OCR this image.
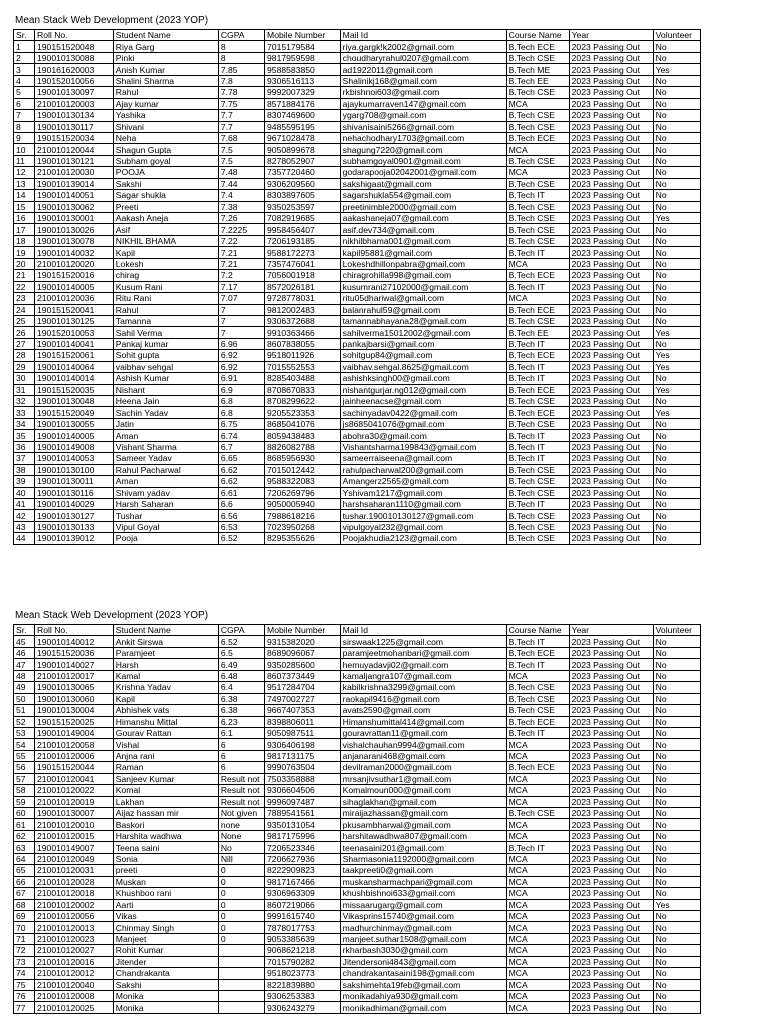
Mean Stack Web Development (2023 YOP)
Sr.	Roll No.	Student Name	CGPA	Mobile Number	Mail Id	Course Name	Year	Volunteer
1	190151520048	Riya Garg	8	7015179584	riya.gargk!k2002@gmail.com	B.Tech ECE	2023 Passing Out	No
2	190010130088	Pinki	8	9817959598	choudharyrahul0207@gmail.com	B.Tech CSE	2023 Passing Out	No
3	190161620003	Anish Kumar	7.85	9588583850	ad1922011@gmail.com	B.Tech ME	2023 Passing Out	Yes
4	190152010056	Shalini Sharma	7.8	9306516113	Shalinikj168@gmail.com	B.Tech EE	2023 Passing Out	No
5	190010130097	Rahul	7.78	9992007329	rkbishnoi603@gmail.com	B.Tech CSE	2023 Passing Out	No
6	210010120003	Ajay kumar	7.75	8571884176	ajaykumarraven147@gmail.com	MCA	2023 Passing Out	No
7	190010130134	Yashika	7.7	8307469600	ygarg708@gmail.com	B.Tech CSE	2023 Passing Out	No
8	190010130117	Shivani	7.7	9485595195	shivanisaini5266@gmail.com	B.Tech CSE	2023 Passing Out	No
9	190151520034	Neha	7.68	9671028478	nehachodhary1703@gmail.com	B.Tech ECE	2023 Passing Out	No
10	210010120044	Shagun Gupta	7.5	9050899678	shagung7220@gmail.com	MCA	2023 Passing Out	No
11	190010130121	Subham goyal	7.5	8278052907	subhamgoyal0901@gmail.com	B.Tech CSE	2023 Passing Out	No
12	210010120030	POOJA	7.48	7357720460	godarapooja02042001@gmail.com	MCA	2023 Passing Out	No
13	190010139014	Sakshi	7.44	9306209560	sakshigaat@gmail.com	B.Tech CSE	2023 Passing Out	No
14	190010140051	Sagar shukla	7.4	8303897605	sagarshukla554@gmail.com	B.Tech IT	2023 Passing Out	No
15	190010130062	Preeti	7.38	9350253597	preetinimble2000@gmail.com	B.Tech CSE	2023 Passing Out	No
16	190010130001	Aakash Aneja	7.26	7082919685	aakashaneja07@gmail.com	B.Tech CSE	2023 Passing Out	Yes
17	190010130026	Asif	7.2225	9958456407	asif.dev734@gmail.com	B.Tech CSE	2023 Passing Out	No
18	190010130078	NIKHIL BHAMA	7.22	7206193185	nikhilbhama001@gmail.com	B.Tech CSE	2023 Passing Out	No
19	190010140032	Kapil	7.21	9588172273	kapil95881@gmail.com	B.Tech IT	2023 Passing Out	No
20	210010120020	Lokesh	7.21	7357476041	Lokeshdhillonpabra@gmail.com	MCA	2023 Passing Out	No
21	190151520016	chirag	7.2	7056001918	chiragrohilla998@gmail.com	B.Tech ECE	2023 Passing Out	No
22	190010140005	Kusum Rani	7.17	8572026181	kusumrani27102000@gmail.com	B.Tech IT	2023 Passing Out	No
23	210010120036	Ritu Rani	7.07	9728778031	ritu05dhariwal@gmail.com	MCA	2023 Passing Out	No
24	190151520041	Rahul	7	9812002483	balanrahul59@gmail.com	B.Tech ECE	2023 Passing Out	No
25	190010130125	Tamanna	7	9306372688	tamannabhayana28@gmail.com	B.Tech CSE	2023 Passing Out	No
26	190152010053	Sahil Verma	7	9910363466	sahilverma15012002@gmail.com	B.Tech EE	2023 Passing Out	Yes
27	190010140041	Pankaj kumar	6.96	8607838055	pankajbarsi@gmail.com	B.Tech IT	2023 Passing Out	No
28	190151520061	Sohit gupta	6.92	9518011926	sohitgup84@gmail.com	B.Tech ECE	2023 Passing Out	Yes
29	190010140064	vaibhav sehgal	6.92	7015552553	vaibhav.sehgal.8625@gmail.com	B.Tech IT	2023 Passing Out	Yes
30	190010140014	Ashish Kumar	6.91	8285403488	ashishksingh00@gmail.com	B.Tech IT	2023 Passing Out	No
31	190151520035	Nishant	6.9	8708670833	nishantgurjar.ng012@gmail.com	B.Tech ECE	2023 Passing Out	Yes
32	190010130048	Heena Jain	6.8	8708299622	jainheenacse@gmail.com	B.Tech CSE	2023 Passing Out	No
33	190151520049	Sachin Yadav	6.8	9205523353	sachinyadav0422@gmail.com	B.Tech ECE	2023 Passing Out	Yes
34	190010130055	Jatin	6.75	8685041076	js8685041076@gmail.com	B.Tech CSE	2023 Passing Out	No
35	190010140005	Aman	6.74	8059438483	abohra30@gmail.com	B.Tech IT	2023 Passing Out	No
36	190010149008	Vishant Sharma	6.7	8826082788	Vishantsharma199843@gmail.com	B.Tech IT	2023 Passing Out	No
37	190010140053	Sameer Yadav	6.65	8685956930	sameerraiseena@gmail.com	B.Tech IT	2023 Passing Out	No
38	190010130100	Rahul Pacharwal	6.62	7015012442	rahulpacharwal200@gmail.com	B.Tech CSE	2023 Passing Out	No
39	190010130011	Aman	6.62	9588322083	Amangerz2565@gmail.com	B.Tech CSE	2023 Passing Out	No
40	190010130116	Shivam yadav	6.61	7206269796	Yshivam1217@gmail.com	B.Tech CSE	2023 Passing Out	No
41	190010140029	Harsh Saharan	6.6	9050005940	harshsaharan1110@gmail.com	B.Tech IT	2023 Passing Out	No
42	190010130127	Tushar	6.56	7988618216	tushar.190010130127@gmail.com	B.Tech CSE	2023 Passing Out	No
43	190010130133	Vipul Goyal	6.53	7023950268	vipulgoyal232@gmail.com	B.Tech CSE	2023 Passing Out	No
44	190010139012	Pooja	6.52	8295355626	Poojakhudia2123@gmail.com	B.Tech CSE	2023 Passing Out	No
Mean Stack Web Development (2023 YOP)
Sr.	Roll No.	Student Name	CGPA	Mobile Number	Mail Id	Course Name	Year	Volunteer
45	190010140012	Ankit Sirswa	6.52	9315382020	sirswaak1225@gmail.com	B.Tech IT	2023 Passing Out	No
46	190151520036	Paramjeet	6.5	8689096067	paramjeetmohanbari@gmail.com	B.Tech ECE	2023 Passing Out	No
47	190010140027	Harsh	6.49	9350285600	hemuyadavji02@gmail.com	B.Tech IT	2023 Passing Out	No
48	210010120017	Kamal	6.48	8607373449	kamaljangra107@gmail.com	MCA	2023 Passing Out	No
49	190010130065	Krishna Yadav	6.4	9517284704	kabilkrishna3299@gmail.com	B.Tech CSE	2023 Passing Out	No
50	190010130060	Kapil	6.38	7497002727	raokapil9416@gmail.com	B.Tech CSE	2023 Passing Out	No
51	190010130004	Abhishek vats	6.38	9667407353	avats2590@gmail.com	B.Tech CSE	2023 Passing Out	No
52	190151520025	Himanshu Mittal	6.23	8398806011	Himanshumittal414@gmail.com	B.Tech ECE	2023 Passing Out	No
53	190010149004	Gourav Rattan	6.1	9050987511	gouravrattan11@gmail.com	B.Tech IT	2023 Passing Out	No
54	210010120058	Vishal	6	9306406198	vishalchauhan9994@gmail.com	MCA	2023 Passing Out	No
55	210010120006	Anjna rani	6	9817131175	anjanarani468@gmail.com	MCA	2023 Passing Out	No
56	190151520044	Raman	6	9990763504	devilraman2000@gmail.com	B.Tech ECE	2023 Passing Out	No
57	210010120041	Sanjeev Kumar	Result not	7503358888	mrsanjivsuthar1@gmail.com	MCA	2023 Passing Out	No
58	210010120022	Komal	Result not	9306604506	Komalmoun000@gmail.com	MCA	2023 Passing Out	No
59	210010120019	Lakhan	Result not	9996097487	sihaglakhan@gmail.com	MCA	2023 Passing Out	No
60	190010130007	Aijaz hassan mir	Not given	7889541561	miraijazhassan@gmail.com	B.Tech CSE	2023 Passing Out	No
61	210010120010	Baskori	none	9350131054	pkusambharwal@gmail.com	MCA	2023 Passing Out	No
62	210010120015	Harshita wadhwa	None	9817175996	harshitawadhwa807@gmail.com	MCA	2023 Passing Out	No
63	190010149007	Teena saini	No	7206523346	teenasaini201@gmail.com	B.Tech IT	2023 Passing Out	No
64	210010120049	Sonia	Nill	7206627936	Sharmasonia1192000@gmail.com	MCA	2023 Passing Out	No
65	210010120031	preeti	0	8222909823	taakpreeti0@gmail.com	MCA	2023 Passing Out	No
66	210010120028	Muskan	0	9817167466	muskansharmachpari@gmail.com	MCA	2023 Passing Out	No
67	210010120018	Khushboo rani	0	9306963309	khushbishnoi633@gmail.com	MCA	2023 Passing Out	No
68	210010120002	Aarti	0	8607219066	missaarugarg@gmail.com	MCA	2023 Passing Out	Yes
69	210010120056	Vikas	0	9991615740	Vikasprins15740@gmail.com	MCA	2023 Passing Out	No
70	210010120013	Chinmay Singh	0	7878017753	madhurchinmay@gmail.com	MCA	2023 Passing Out	No
71	210010120023	Manjeet	0	9053385639	manjeet.suthar1508@gmail.com	MCA	2023 Passing Out	No
72	210010120027	Rohit Kumar		9068621218	rkharbash3030@gmail.com	MCA	2023 Passing Out	No
73	210010120016	Jitender		7015790282	Jitendersoni4843@gmail.com	MCA	2023 Passing Out	No
74	210010120012	Chandrakanta		9518023773	chandrakantasaini198@gmail.com	MCA	2023 Passing Out	No
75	210010120040	Sakshi		8221839880	sakshimehta19feb@gmail.com	MCA	2023 Passing Out	No
76	210010120008	Monika		9306253383	monikadahiya930@gmail.com	MCA	2023 Passing Out	No
77	210010120025	Monika		9306243279	monikadhiman@gmail.com	MCA	2023 Passing Out	No
